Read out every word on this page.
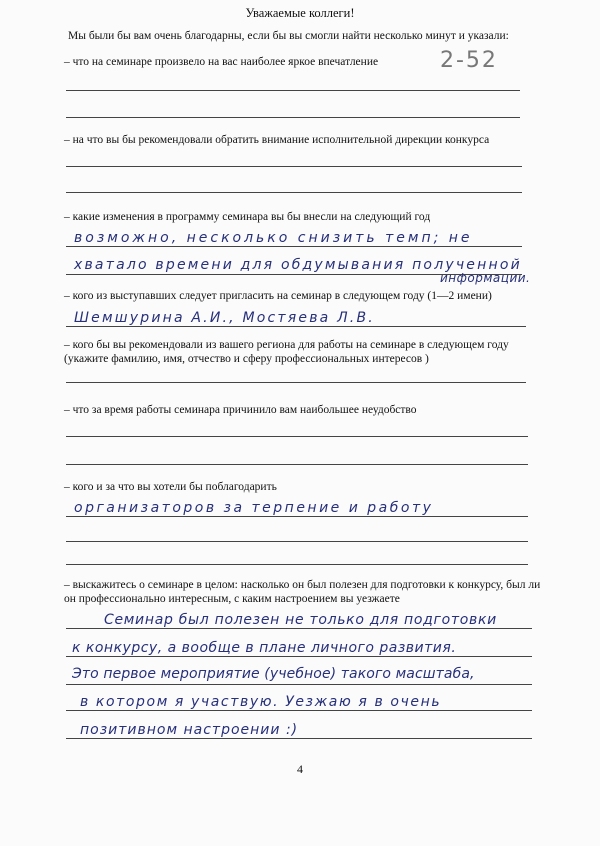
Уважаемые коллеги!
Мы были бы вам очень благодарны, если бы вы смогли найти несколько минут и указали:
2-52
– что на семинаре произвело на вас наиболее яркое впечатление
– на что вы бы рекомендовали обратить внимание исполнительной дирекции конкурса
– какие изменения в программу семинара вы бы внесли на следующий год
возможно, несколько снизить темп; не
хватало времени для обдумывания полученной
информации.
– кого из выступавших следует пригласить на семинар в следующем году (1—2 имени)
Шемшурина А.И., Мостяева Л.В.
– кого бы вы рекомендовали из вашего региона для работы на семинаре в следующем году (укажите фамилию, имя, отчество и сферу профессиональных интересов )
– что за время работы семинара причинило вам наибольшее неудобство
– кого и за что вы хотели бы поблагодарить
организаторов за терпение и работу
– выскажитесь о семинаре в целом: насколько он был полезен для подготовки к конкурсу, был ли он профессионально интересным, с каким настроением вы уезжаете
Семинар был полезен не только для подготовки
к конкурсу, а вообще в плане личного развития.
Это первое мероприятие (учебное) такого масштаба,
в котором я участвую. Уезжаю я в очень
позитивном настроении :)
4
